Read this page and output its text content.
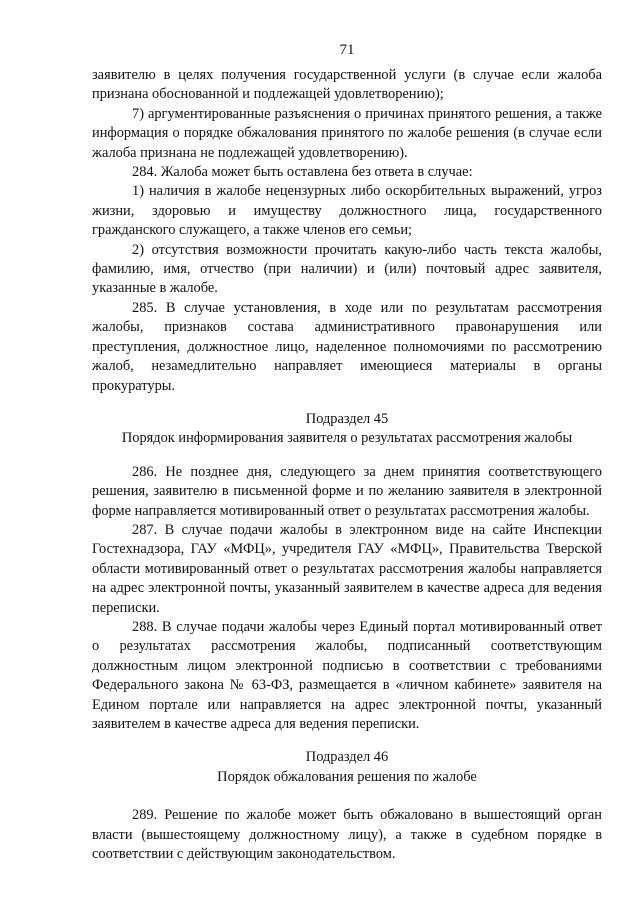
71

заявителю в целях получения государственной услуги (в случае если жалоба признана обоснованной и подлежащей удовлетворению);

7) аргументированные разъяснения о причинах принятого решения, а также информация о порядке обжалования принятого по жалобе решения (в случае если жалоба признана не подлежащей удовлетворению).

284. Жалоба может быть оставлена без ответа в случае:

1) наличия в жалобе нецензурных либо оскорбительных выражений, угроз жизни, здоровью и имуществу должностного лица, государственного гражданского служащего, а также членов его семьи;

2) отсутствия возможности прочитать какую-либо часть текста жалобы, фамилию, имя, отчество (при наличии) и (или) почтовый адрес заявителя, указанные в жалобе.

285. В случае установления, в ходе или по результатам рассмотрения жалобы, признаков состава административного правонарушения или преступления, должностное лицо, наделенное полномочиями по рассмотрению жалоб, незамедлительно направляет имеющиеся материалы в органы прокуратуры.

Подраздел 45

Порядок информирования заявителя о результатах рассмотрения жалобы

286. Не позднее дня, следующего за днем принятия соответствующего решения, заявителю в письменной форме и по желанию заявителя в электронной форме направляется мотивированный ответ о результатах рассмотрения жалобы.

287. В случае подачи жалобы в электронном виде на сайте Инспекции Гостехнадзора, ГАУ «МФЦ», учредителя ГАУ «МФЦ», Правительства Тверской области мотивированный ответ о результатах рассмотрения жалобы направляется на адрес электронной почты, указанный заявителем в качестве адреса для ведения переписки.

288. В случае подачи жалобы через Единый портал мотивированный ответ о результатах рассмотрения жалобы, подписанный соответствующим должностным лицом электронной подписью в соответствии с требованиями Федерального закона № 63-ФЗ, размещается в «личном кабинете» заявителя на Едином портале или направляется на адрес электронной почты, указанный заявителем в качестве адреса для ведения переписки.

Подраздел 46

Порядок обжалования решения по жалобе

289. Решение по жалобе может быть обжаловано в вышестоящий орган власти (вышестоящему должностному лицу), а также в судебном порядке в соответствии с действующим законодательством.
